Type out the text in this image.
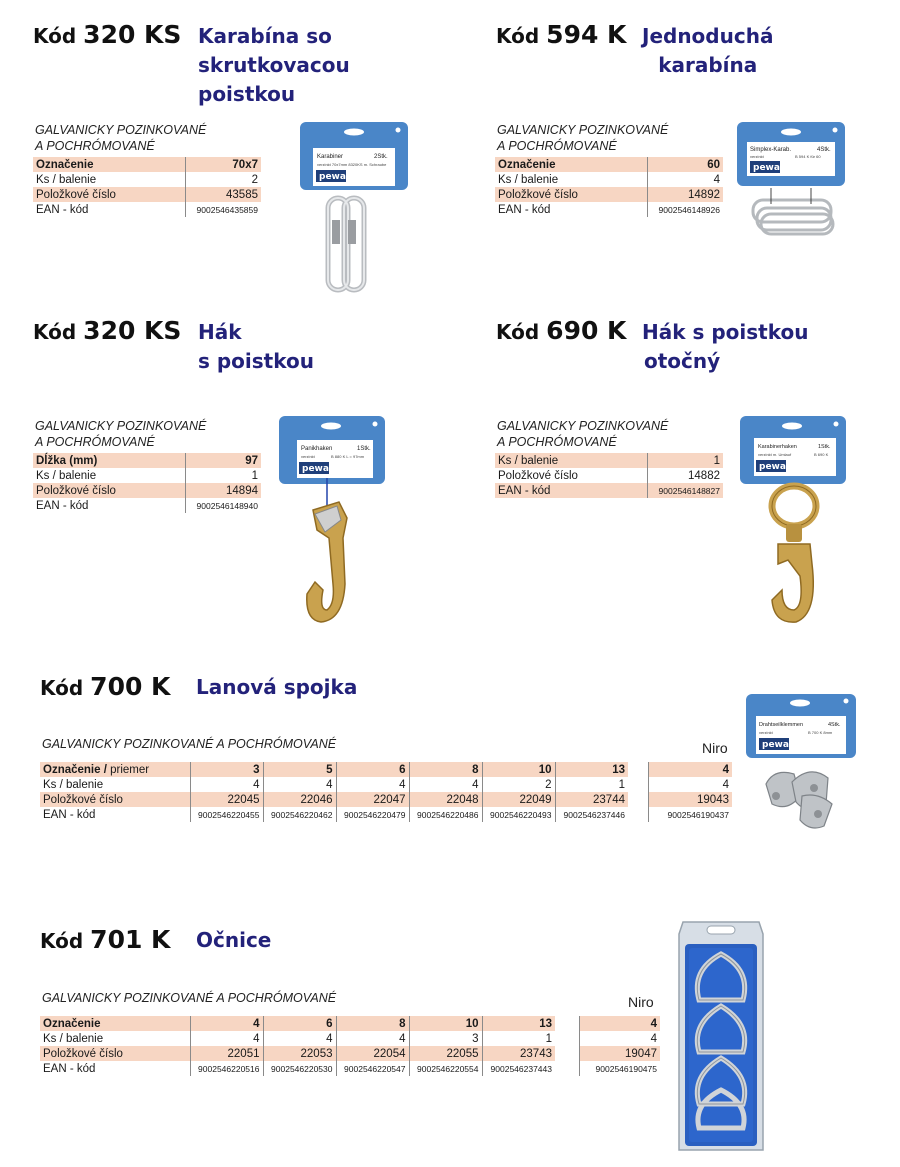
Kód 320 KS Karabína so
skrutkovacou
poistkou
GALVANICKY POZINKOVANÉ
A POCHRÓMOVANÉ
Označenie	70x7
Ks / balenie	2
Položkové číslo	43585
EAN - kód	9002546435859
Karabiner	2Stk.
verzinkt 70x7mm 8320KS m. Schraube
pewag
Kód 594 K Jednoduchá
karabína
GALVANICKY POZINKOVANÉ
A POCHRÓMOVANÉ
Označenie	60
Ks / balenie	4
Položkové číslo	14892
EAN - kód	9002546148926
Simplex-Karab.	4Stk.
verzinkt	B 594 K für 60
pewag
Kód 320 KS Hák
s poistkou
GALVANICKY POZINKOVANÉ
A POCHRÓMOVANÉ
Dĺžka (mm)	97
Ks / balenie	1
Položkové číslo	14894
EAN - kód	9002546148940
Panikhaken	1Stk.
verzinkt	B 880 K L = 97mm
pewag
Kód 690 K Hák s poistkou
otočný
GALVANICKY POZINKOVANÉ
A POCHRÓMOVANÉ
Ks / balenie	1
Položkové číslo	14882
EAN - kód	9002546148827
Karabinerhaken	1Stk.
verzinkt m. Umlauf	B 690 K
pewag
Kód 700 K Lanová spojka
GALVANICKY POZINKOVANÉ A POCHRÓMOVANÉ	Niro
Označenie / priemer	3	5	6	8	10	13		4
Ks / balenie	4	4	4	4	2	1		4
Položkové číslo	22045	22046	22047	22048	22049	23744		19043
EAN - kód	9002546220455	9002546220462	9002546220479	9002546220486	9002546220493	9002546237446		9002546190437
Drahtseilklemmen	4Stk.
verzinkt	B 700 K 8mm
pewag
Kód 701 K Očnice
GALVANICKY POZINKOVANÉ A POCHRÓMOVANÉ	Niro
Označenie	4	6	8	10	13		4
Ks / balenie	4	4	4	3	1		4
Položkové číslo	22051	22053	22054	22055	23743		19047
EAN - kód	9002546220516	9002546220530	9002546220547	9002546220554	9002546237443		9002546190475
